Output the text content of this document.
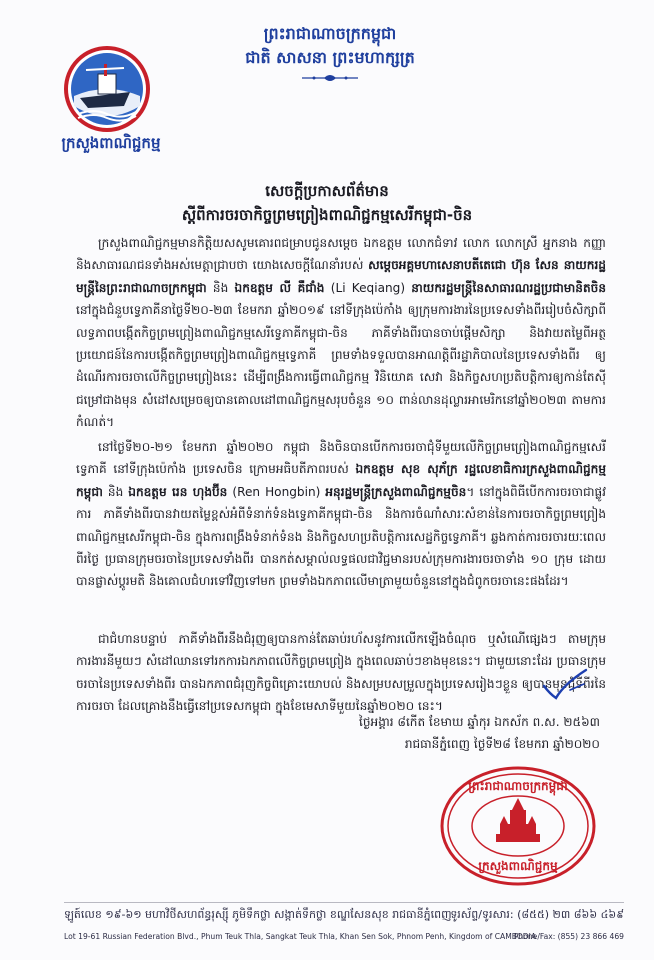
ក្រសួងពាណិជ្ជកម្ម
ព្រះរាជាណាចក្រកម្ពុជា
ជាតិ សាសនា ព្រះមហាក្សត្រ
សេចក្តីប្រកាសព័ត៌មាន
ស្តីពីការចរចាកិច្ចព្រមព្រៀងពាណិជ្ជកម្មសេរីកម្ពុជា-ចិន

ក្រសួងពាណិជ្ជកម្មមានកិត្តិយសសូមគោរពជម្រាបជូនសម្តេច ឯកឧត្តម លោកជំទាវ លោក លោកស្រី អ្នកនាង កញ្ញា និងសាធារណជនទាំងអស់មេត្តាជ្រាបថា យោងសេចក្តីណែនាំរបស់ សម្តេចអគ្គមហាសេនាបតីតេជោ ហ៊ុន សែន នាយករដ្ឋមន្ត្រីនៃព្រះរាជាណាចក្រកម្ពុជា និង ឯកឧត្តម លី គឺជាំង (Li Keqiang) នាយករដ្ឋមន្ត្រីនៃសាធារណរដ្ឋប្រជាមានិតចិន នៅក្នុងជំនួបទ្វេភាគីនាថ្ងៃទី២០-២៣ ខែមករា ឆ្នាំ២០១៩ នៅទីក្រុងប៉េកាំង ឲ្យក្រុមការងារនៃប្រទេសទាំងពីររៀបចំសិក្សាពីលទ្ធភាពបង្កើតកិច្ចព្រមព្រៀងពាណិជ្ជកម្មសេរីទ្វេភាគីកម្ពុជា-ចិន ភាគីទាំងពីរបានចាប់ផ្តើមសិក្សា និងវាយតម្លៃពីអត្ថប្រយោជន៍នៃការបង្កើតកិច្ចព្រមព្រៀងពាណិជ្ជកម្មទ្វេភាគី ព្រមទាំងទទួលបានអាណត្តិពីរដ្ឋាភិបាលនៃប្រទេសទាំងពីរ ឲ្យដំណើរការចរចាលើកិច្ចព្រមព្រៀងនេះ ដើម្បីពង្រឹងការធ្វើពាណិជ្ជកម្ម វិនិយោគ សេវា និងកិច្ចសហប្រតិបត្តិការឲ្យកាន់តែស៊ីជម្រៅជាងមុន សំដៅសម្រេចឲ្យបានគោលដៅពាណិជ្ជកម្មសរុបចំនួន ១០ ពាន់លានដុល្លារអាមេរិកនៅឆ្នាំ២០២៣ តាមការកំណត់។

នៅថ្ងៃទី២០-២១ ខែមករា ឆ្នាំ២០២០ កម្ពុជា និងចិនបានបើកការចរចាជុំទីមួយលើកិច្ចព្រមព្រៀងពាណិជ្ជកម្មសេរីទ្វេភាគី នៅទីក្រុងប៉េកាំង ប្រទេសចិន ក្រោមអធិបតីភាពរបស់ ឯកឧត្តម សុខ សុភ័ក្រ រដ្ឋលេខាធិការក្រសួងពាណិជ្ជកម្មកម្ពុជា និង ឯកឧត្តម រេន ហុងប៊ីន (Ren Hongbin) អនុរដ្ឋមន្ត្រីក្រសួងពាណិជ្ជកម្មចិន។ នៅក្នុងពិធីបើកការចរចាជាផ្លូវការ ភាគីទាំងពីរបានវាយតម្លៃខ្ពស់អំពីទំនាក់ទំនងទ្វេភាគីកម្ពុជា-ចិន និងការចំណាំសារៈសំខាន់នៃការចរចាកិច្ចព្រមព្រៀងពាណិជ្ជកម្មសេរីកម្ពុជា-ចិន ក្នុងការពង្រឹងទំនាក់ទំនង និងកិច្ចសហប្រតិបត្តិការសេដ្ឋកិច្ចទ្វេភាគី។ ឆ្លងកាត់ការចរចារយៈពេលពីរថ្ងៃ ប្រធានក្រុមចរចានៃប្រទេសទាំងពីរ បានកត់សម្គាល់លទ្ធផលជាវិជ្ជមានរបស់ក្រុមការងារចរចាទាំង ១០ ក្រុម ដោយបានផ្លាស់ប្តូរមតិ និងគោលជំហរទៅវិញទៅមក ព្រមទាំងឯកភាពលើមាត្រាមួយចំនួននៅក្នុងជំពូកចរចានេះផងដែរ។

ជាជំហានបន្ទាប់ ភាគីទាំងពីរនឹងជំរុញឲ្យបានកាន់តែឆាប់រហ័សនូវការលើកឡើងចំណុច ឬសំណើផ្សេងៗ តាមក្រុមការងារនីមួយៗ សំដៅឈានទៅរកការឯកភាពលើកិច្ចព្រមព្រៀង ក្នុងពេលឆាប់ៗខាងមុខនេះ។ ជាមួយនោះដែរ ប្រធានក្រុមចរចានៃប្រទេសទាំងពីរ បានឯកភាពជំរុញកិច្ចពិគ្រោះយោបល់ និងសម្របសម្រួលក្នុងប្រទេសរៀងៗខ្លួន ឲ្យបានមុនជុំទីពីរនៃការចរចា ដែលគ្រោងនឹងធ្វើនៅប្រទេសកម្ពុជា ក្នុងខែមេសាទីមួយនៃឆ្នាំ២០២០ នេះ។

ថ្ងៃអង្គារ ៨កើត ខែមាឃ ឆ្នាំកុរ ឯកស័ក ព.ស. ២៥៦៣
រាជធានីភ្នំពេញ ថ្ងៃទី២៨ ខែមករា ឆ្នាំ២០២០
ព្រះរាជាណាចក្រកម្ពុជា
ក្រសួងពាណិជ្ជកម្ម
ឡូត៍លេខ ១៩-៦១ មហាវិថីសហព័ន្ធរុស្ស៊ី ភូមិទឹកថ្លា សង្កាត់ទឹកថ្លា ខណ្ឌសែនសុខ រាជធានីភ្នំពេញ
ទូរស័ព្ទ/ទូរសារ: (៨៥៥) ២៣ ៨៦៦ ៤៦៩
Lot 19-61 Russian Federation Blvd., Phum Teuk Thla, Sangkat Teuk Thla, Khan Sen Sok, Phnom Penh, Kingdom of CAMBODIA
Phone/Fax: (855) 23 866 469
